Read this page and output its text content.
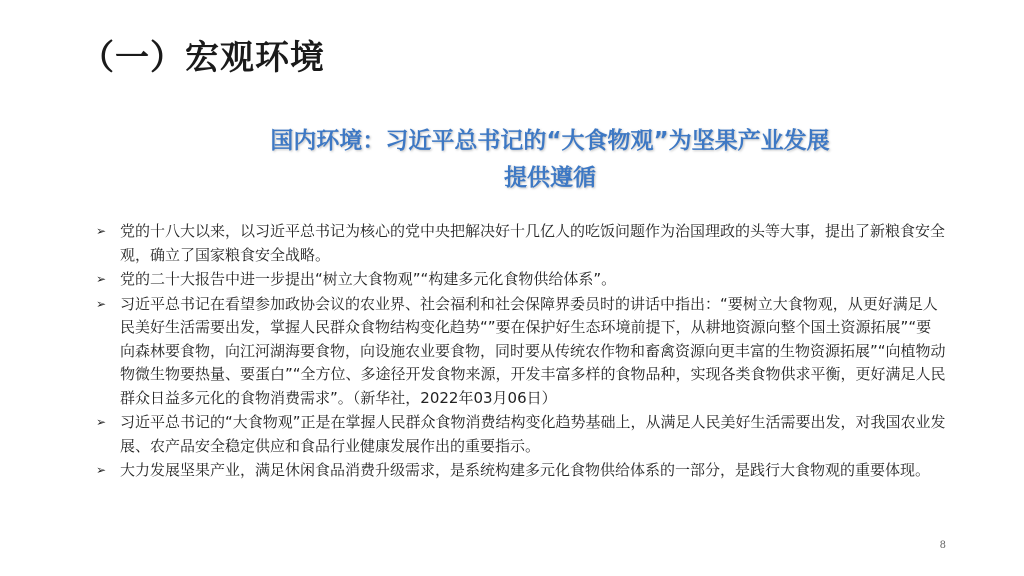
（一）宏观环境
国内环境：习近平总书记的“大食物观”为坚果产业发展
提供遵循
➢ 党的十八大以来，以习近平总书记为核心的党中央把解决好十几亿人的吃饭问题作为治国理政的头等大事，提出了新粮食安全观，确立了国家粮食安全战略。
➢ 党的二十大报告中进一步提出“树立大食物观”“构建多元化食物供给体系”。
➢ 习近平总书记在看望参加政协会议的农业界、社会福利和社会保障界委员时的讲话中指出：“要树立大食物观，从更好满足人民美好生活需要出发，掌握人民群众食物结构变化趋势“”要在保护好生态环境前提下，从耕地资源向整个国土资源拓展”“要向森林要食物，向江河湖海要食物，向设施农业要食物，同时要从传统农作物和畜禽资源向更丰富的生物资源拓展”“向植物动物微生物要热量、要蛋白”“全方位、多途径开发食物来源，开发丰富多样的食物品种，实现各类食物供求平衡，更好满足人民群众日益多元化的食物消费需求”。（新华社，2022年03月06日）
➢ 习近平总书记的“大食物观”正是在掌握人民群众食物消费结构变化趋势基础上，从满足人民美好生活需要出发，对我国农业发展、农产品安全稳定供应和食品行业健康发展作出的重要指示。
➢ 大力发展坚果产业，满足休闲食品消费升级需求，是系统构建多元化食物供给体系的一部分，是践行大食物观的重要体现。
8
